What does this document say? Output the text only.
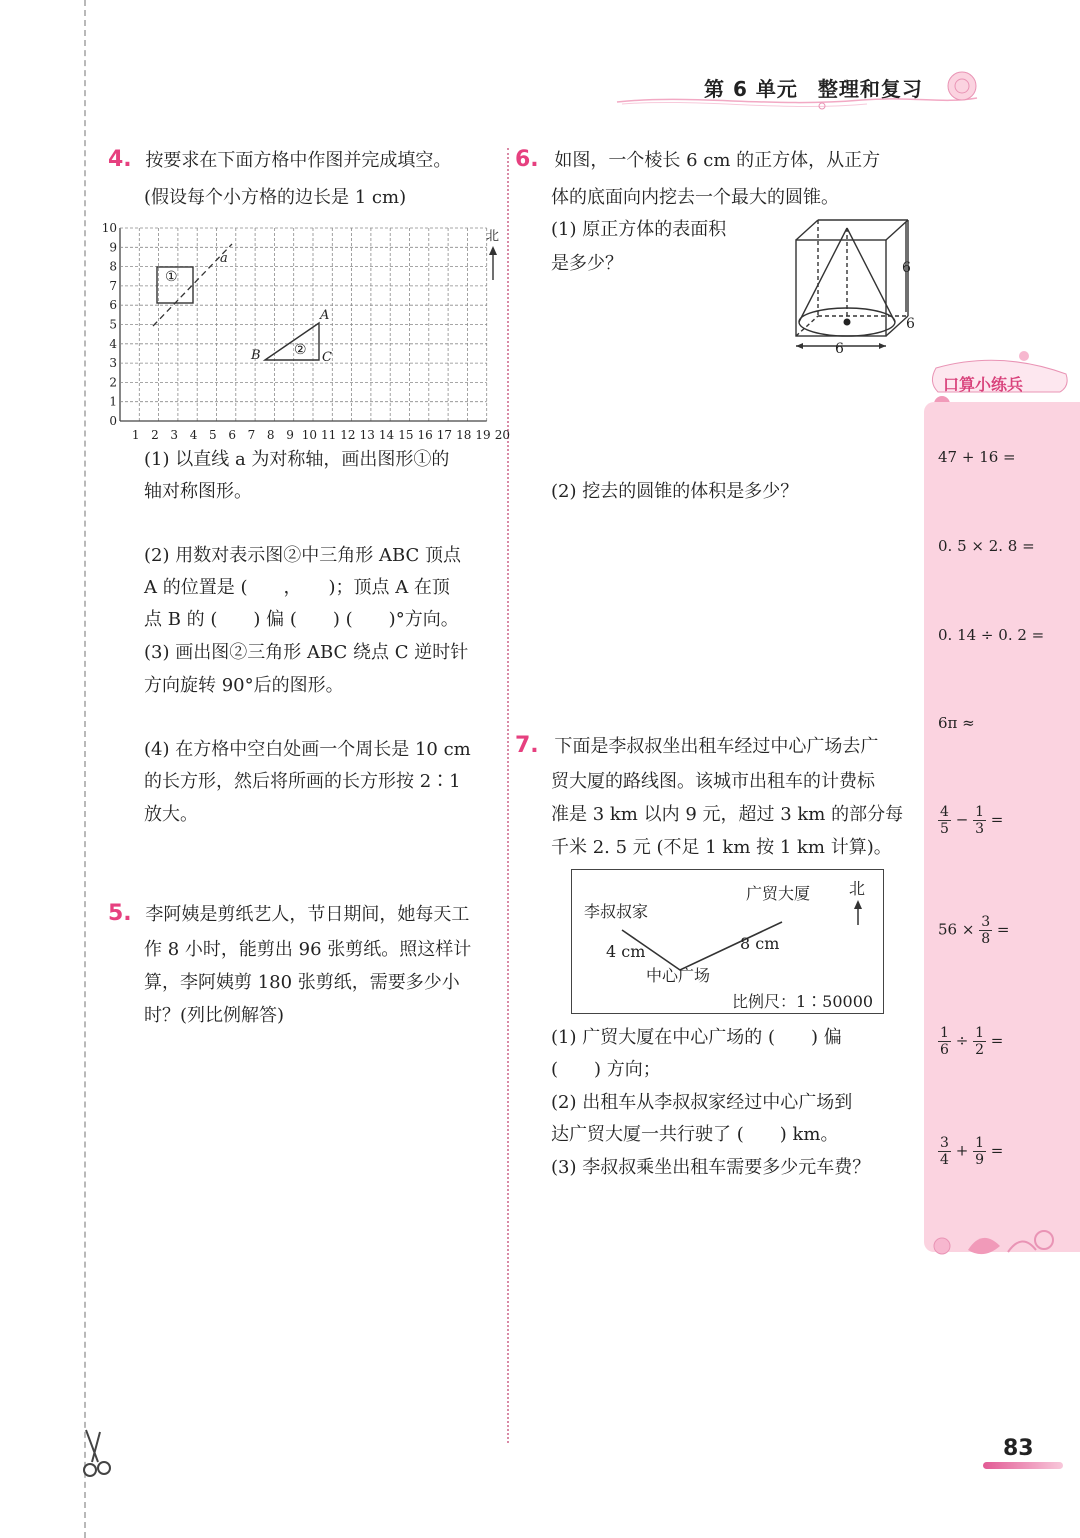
第 6 单元 整理和复习
4. 按要求在下面方格中作图并完成填空。
(假设每个小方格的边长是 1 cm)
10
9
8
7
6
5
4
3
2
1
0
1 2 3 4 5 6 7 8 9 10 11 12 13 14 15 16 17 18 19 20
a
①
②
A
B	C
北
(1) 以直线 a 为对称轴，画出图形①的
轴对称图形。
(2) 用数对表示图②中三角形 ABC 顶点
A 的位置是 (　　，　　)；顶点 A 在顶
点 B 的 (　　) 偏 (　　) (　　)°方向。
(3) 画出图②三角形 ABC 绕点 C 逆时针
方向旋转 90°后的图形。
(4) 在方格中空白处画一个周长是 10 cm
的长方形，然后将所画的长方形按 2∶1
放大。
5. 李阿姨是剪纸艺人，节日期间，她每天工
作 8 小时，能剪出 96 张剪纸。照这样计
算，李阿姨剪 180 张剪纸，需要多少小
时？(列比例解答)
6. 如图，一个棱长 6 cm 的正方体，从正方
体的底面向内挖去一个最大的圆锥。
(1) 原正方体的表面积
是多少？
6
6
6
(2) 挖去的圆锥的体积是多少？
7. 下面是李叔叔坐出租车经过中心广场去广
贸大厦的路线图。该城市出租车的计费标
准是 3 km 以内 9 元，超过 3 km 的部分每
千米 2. 5 元 (不足 1 km 按 1 km 计算)。
李叔叔家
广贸大厦 北
4 cm	8 cm
中心广场
比例尺：1∶50000
(1) 广贸大厦在中心广场的 (　　) 偏
(　　) 方向；
(2) 出租车从李叔叔家经过中心广场到
达广贸大厦一共行驶了 (　　) km。
(3) 李叔叔乘坐出租车需要多少元车费？
口算小练兵
47 + 16 =
0. 5 × 2. 8 =
0. 14 ÷ 0. 2 =
6π ≈
$\frac{4}{5} - \frac{1}{3}$ =
$56 \times \frac{3}{8}$ =
$\frac{1}{6} \div \frac{1}{2}$ =
$\frac{3}{4} + \frac{1}{9}$ =
83
